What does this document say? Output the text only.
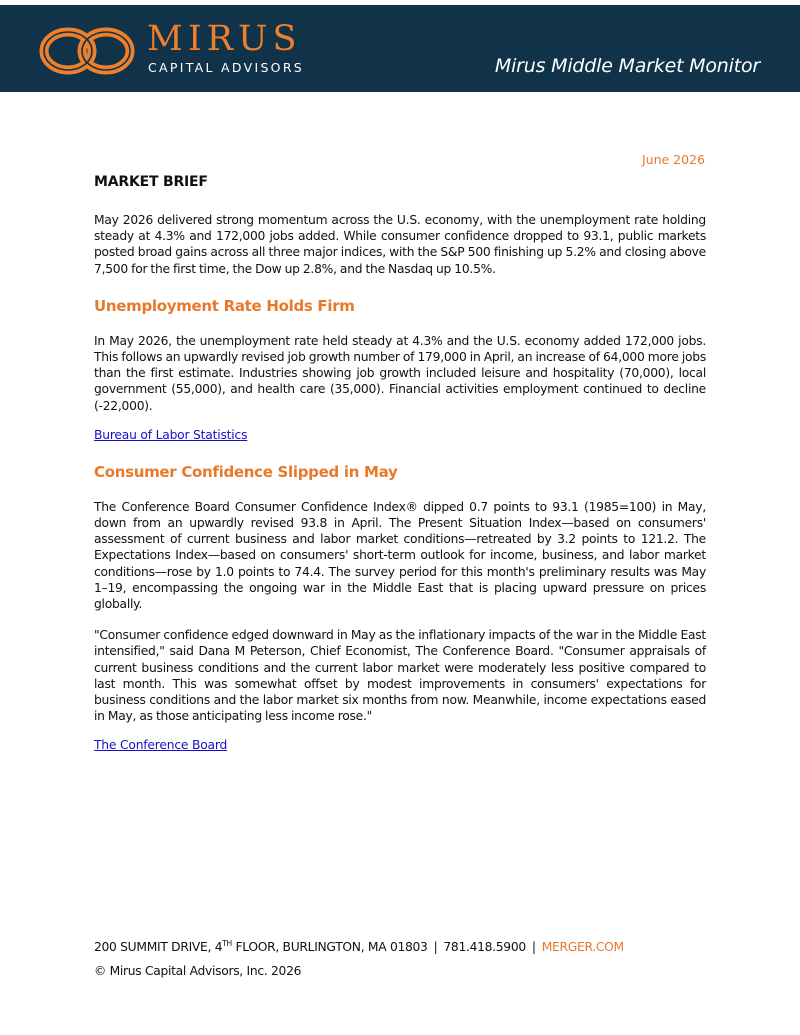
MIRUS
CAPITAL ADVISORS	Mirus Middle Market Monitor
June 2026
MARKET BRIEF

May 2026 delivered strong momentum across the U.S. economy, with the unemployment rate holding steady at 4.3% and 172,000 jobs added. While consumer confidence dropped to 93.1, public markets posted broad gains across all three major indices, with the S&P 500 finishing up 5.2% and closing above 7,500 for the first time, the Dow up 2.8%, and the Nasdaq up 10.5%.

Unemployment Rate Holds Firm

In May 2026, the unemployment rate held steady at 4.3% and the U.S. economy added 172,000 jobs. This follows an upwardly revised job growth number of 179,000 in April, an increase of 64,000 more jobs than the first estimate. Industries showing job growth included leisure and hospitality (70,000), local government (55,000), and health care (35,000). Financial activities employment continued to decline (-22,000).

Bureau of Labor Statistics
Consumer Confidence Slipped in May

The Conference Board Consumer Confidence Index® dipped 0.7 points to 93.1 (1985=100) in May, down from an upwardly revised 93.8 in April. The Present Situation Index—based on consumers' assessment of current business and labor market conditions—retreated by 3.2 points to 121.2. The Expectations Index—based on consumers' short-term outlook for income, business, and labor market conditions—rose by 1.0 points to 74.4. The survey period for this month's preliminary results was May 1–19, encompassing the ongoing war in the Middle East that is placing upward pressure on prices globally.

"Consumer confidence edged downward in May as the inflationary impacts of the war in the Middle East intensified," said Dana M Peterson, Chief Economist, The Conference Board. "Consumer appraisals of current business conditions and the current labor market were moderately less positive compared to last month. This was somewhat offset by modest improvements in consumers' expectations for business conditions and the labor market six months from now. Meanwhile, income expectations eased in May, as those anticipating less income rose."

The Conference Board
200 SUMMIT DRIVE, 4TH FLOOR, BURLINGTON, MA 01803 | 781.418.5900 | MERGER.COM
© Mirus Capital Advisors, Inc. 2026
